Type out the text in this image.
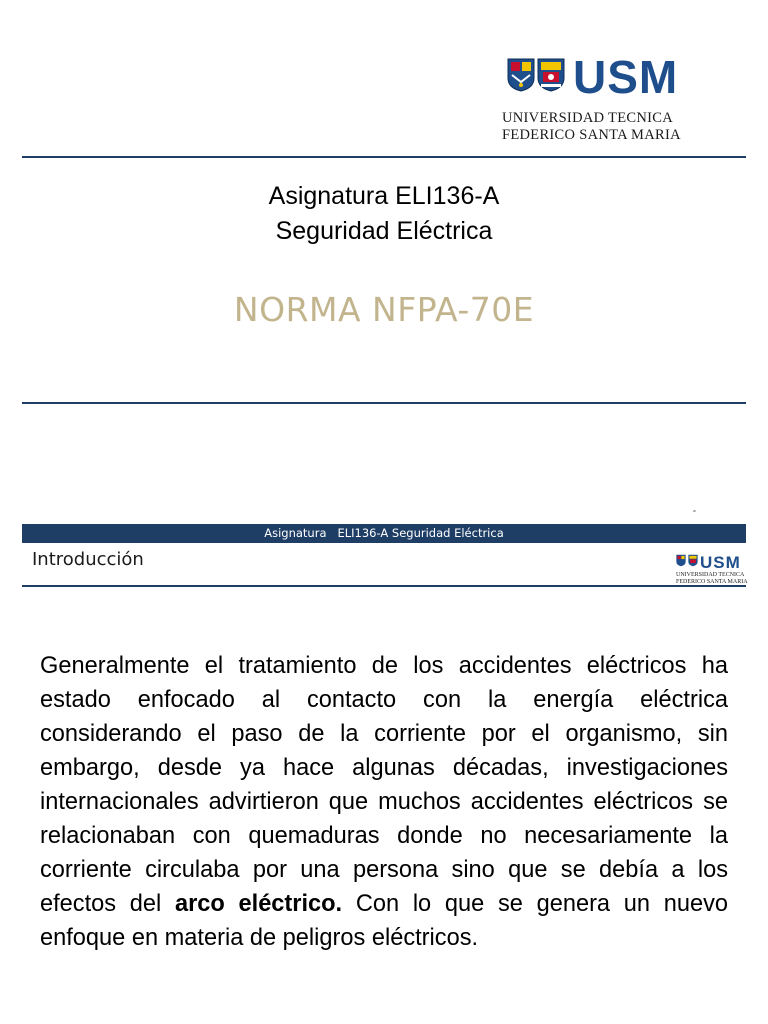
USM
UNIVERSIDAD TECNICA
FEDERICO SANTA MARIA
Asignatura ELI136-A
Seguridad Eléctrica
NORMA NFPA-70E
Asignatura   ELI136-A Seguridad Eléctrica
Introducción	USM
UNIVERSIDAD TECNICA
FEDERICO SANTA MARIA
Generalmente el tratamiento de los accidentes eléctricos ha estado enfocado al contacto con la energía eléctrica considerando el paso de la corriente por el organismo, sin embargo, desde ya hace algunas décadas, investigaciones internacionales advirtieron que muchos accidentes eléctricos se relacionaban con quemaduras donde no necesariamente la corriente circulaba por una persona sino que se debía a los efectos del arco eléctrico. Con lo que se genera un nuevo enfoque en materia de peligros eléctricos.
